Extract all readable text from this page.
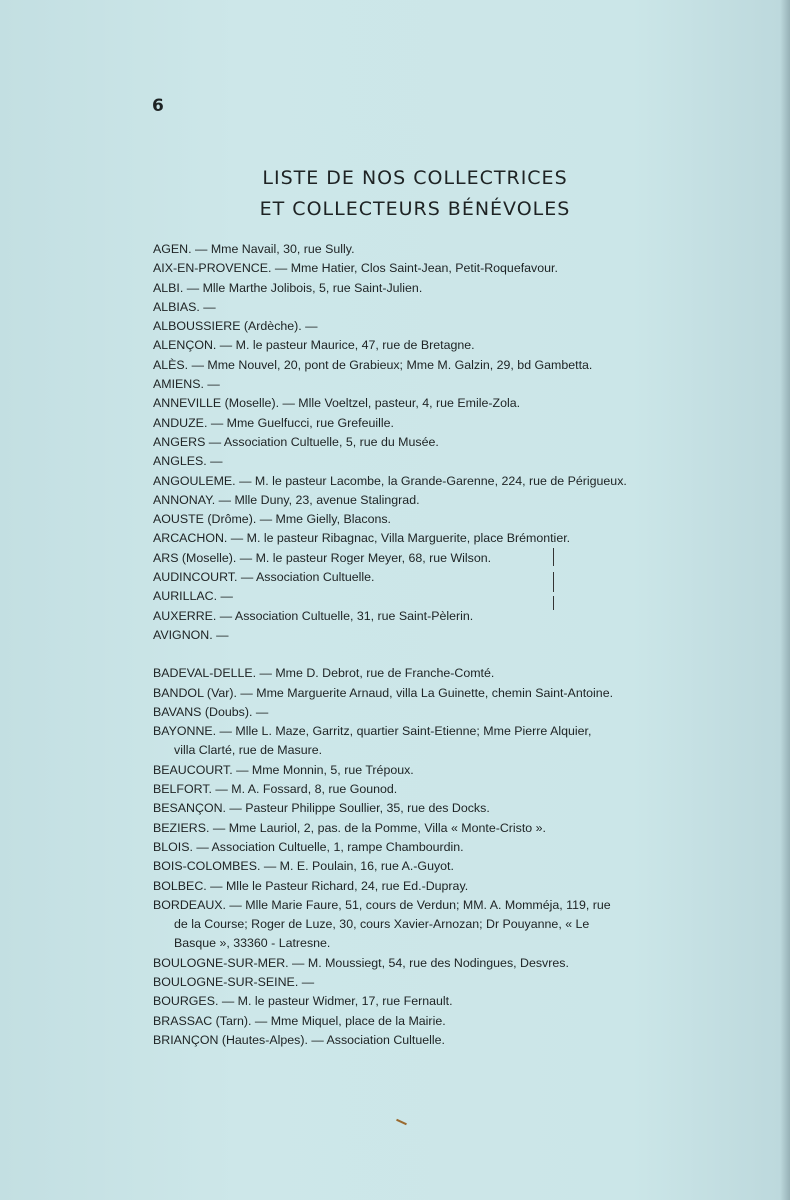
6
LISTE DE NOS COLLECTRICES
ET COLLECTEURS BÉNÉVOLES
AGEN. — Mme Navail, 30, rue Sully.
AIX-EN-PROVENCE. — Mme Hatier, Clos Saint-Jean, Petit-Roquefavour.
ALBI. — Mlle Marthe Jolibois, 5, rue Saint-Julien.
ALBIAS. —
ALBOUSSIERE (Ardèche). —
ALENÇON. — M. le pasteur Maurice, 47, rue de Bretagne.
ALÈS. — Mme Nouvel, 20, pont de Grabieux; Mme M. Galzin, 29, bd Gambetta.
AMIENS. —
ANNEVILLE (Moselle). — Mlle Voeltzel, pasteur, 4, rue Emile-Zola.
ANDUZE. — Mme Guelfucci, rue Grefeuille.
ANGERS — Association Cultuelle, 5, rue du Musée.
ANGLES. —
ANGOULEME. — M. le pasteur Lacombe, la Grande-Garenne, 224, rue de Périgueux.
ANNONAY. — Mlle Duny, 23, avenue Stalingrad.
AOUSTE (Drôme). — Mme Gielly, Blacons.
ARCACHON. — M. le pasteur Ribagnac, Villa Marguerite, place Brémontier.
ARS (Moselle). — M. le pasteur Roger Meyer, 68, rue Wilson.
AUDINCOURT. — Association Cultuelle.
AURILLAC. —
AUXERRE. — Association Cultuelle, 31, rue Saint-Pèlerin.
AVIGNON. —
BADEVAL-DELLE. — Mme D. Debrot, rue de Franche-Comté.
BANDOL (Var). — Mme Marguerite Arnaud, villa La Guinette, chemin Saint-Antoine.
BAVANS (Doubs). —
BAYONNE. — Mlle L. Maze, Garritz, quartier Saint-Etienne; Mme Pierre Alquier,
villa Clarté, rue de Masure.
BEAUCOURT. — Mme Monnin, 5, rue Trépoux.
BELFORT. — M. A. Fossard, 8, rue Gounod.
BESANÇON. — Pasteur Philippe Soullier, 35, rue des Docks.
BEZIERS. — Mme Lauriol, 2, pas. de la Pomme, Villa « Monte-Cristo ».
BLOIS. — Association Cultuelle, 1, rampe Chambourdin.
BOIS-COLOMBES. — M. E. Poulain, 16, rue A.-Guyot.
BOLBEC. — Mlle le Pasteur Richard, 24, rue Ed.-Dupray.
BORDEAUX. — Mlle Marie Faure, 51, cours de Verdun; MM. A. Momméja, 119, rue
de la Course; Roger de Luze, 30, cours Xavier-Arnozan; Dr Pouyanne, « Le
Basque », 33360 - Latresne.
BOULOGNE-SUR-MER. — M. Moussiegt, 54, rue des Nodingues, Desvres.
BOULOGNE-SUR-SEINE. —
BOURGES. — M. le pasteur Widmer, 17, rue Fernault.
BRASSAC (Tarn). — Mme Miquel, place de la Mairie.
BRIANÇON (Hautes-Alpes). — Association Cultuelle.
